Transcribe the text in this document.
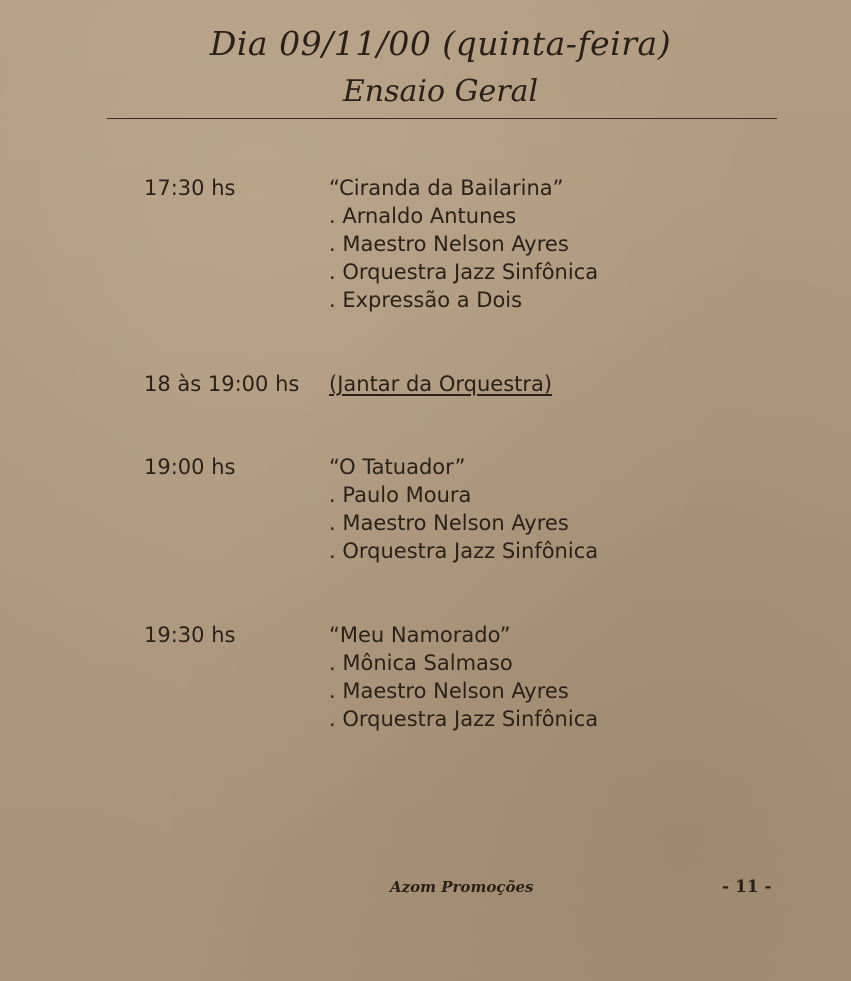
Dia 09/11/00 (quinta-feira)
Ensaio Geral
17:30 hs	“Ciranda da Bailarina”
. Arnaldo Antunes
. Maestro Nelson Ayres
. Orquestra Jazz Sinfônica
. Expressão a Dois
18 às 19:00 hs (Jantar da Orquestra)
19:00 hs	“O Tatuador”
. Paulo Moura
. Maestro Nelson Ayres
. Orquestra Jazz Sinfônica
19:30 hs	“Meu Namorado”
. Mônica Salmaso
. Maestro Nelson Ayres
. Orquestra Jazz Sinfônica
Azom Promoções	- 11 -
